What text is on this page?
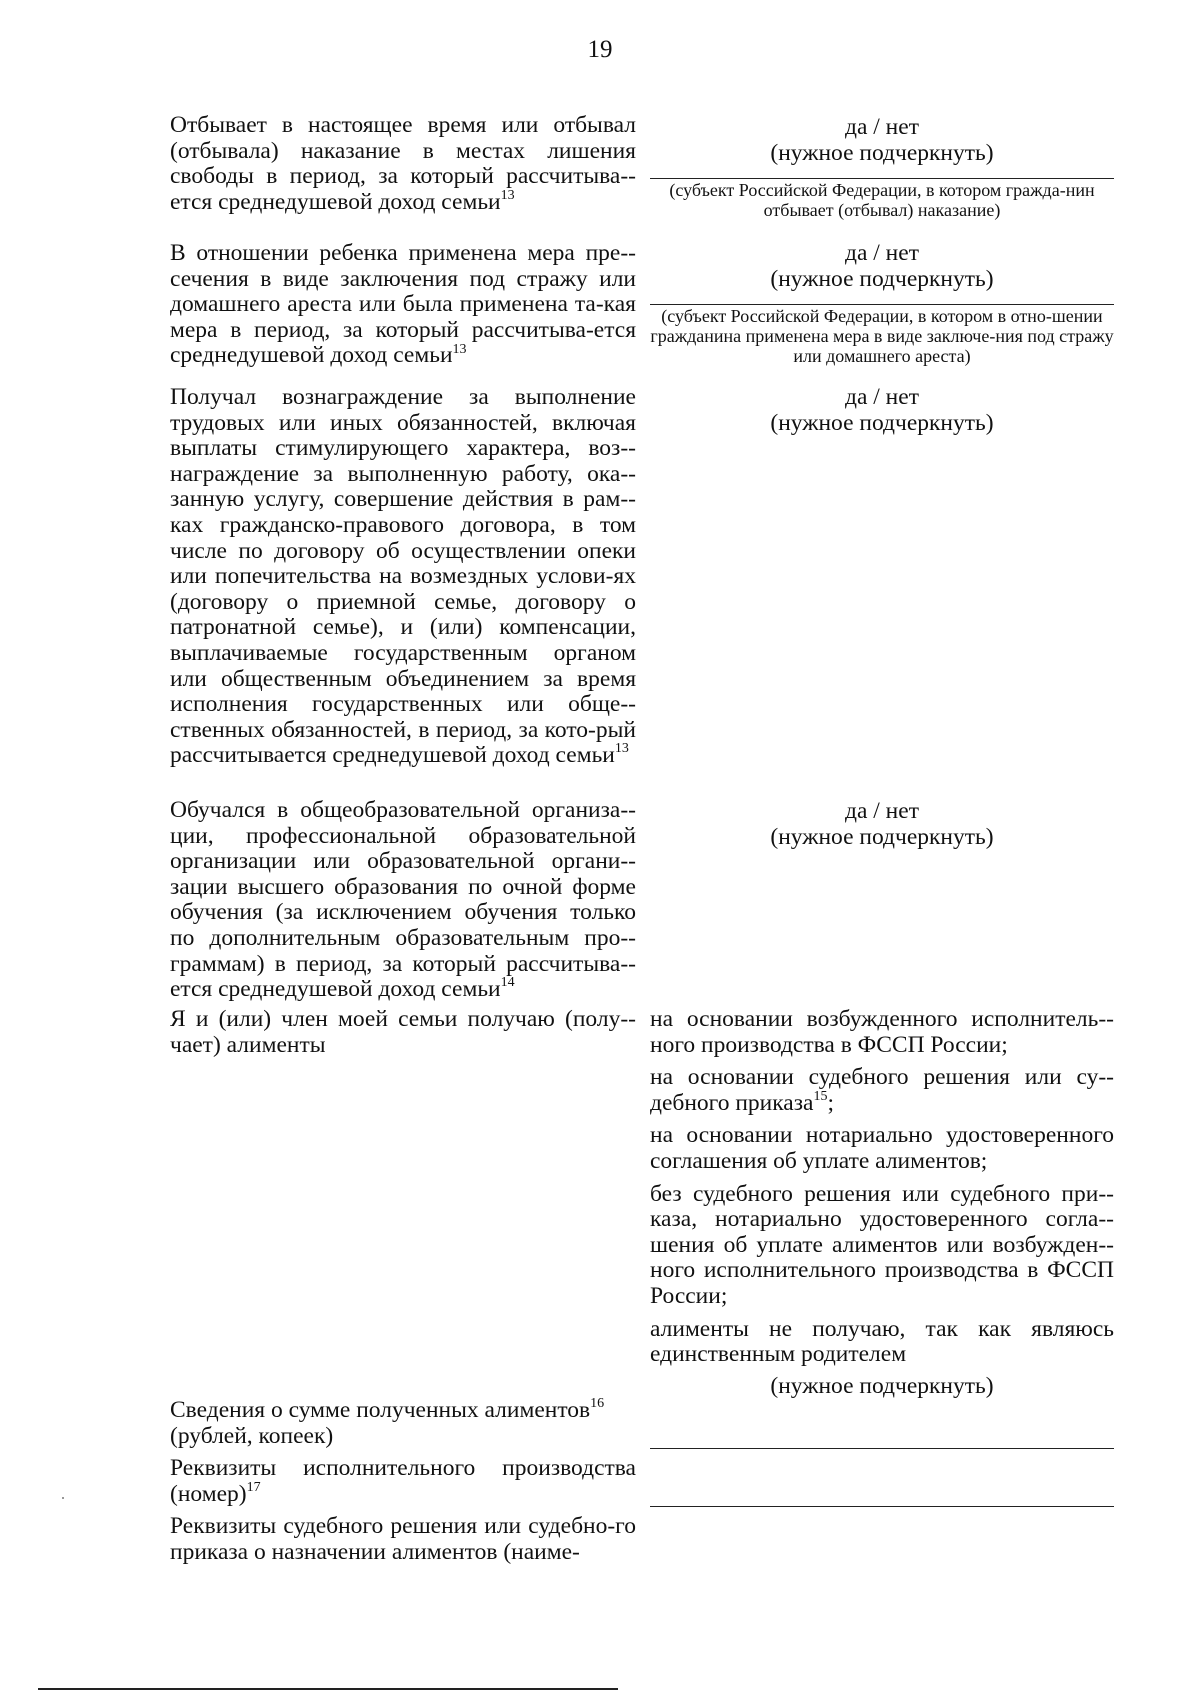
19
Отбывает в настоящее время или отбывал (отбывала) наказание в местах лишения свободы в период, за который рассчитыва-ется среднедушевой доход семьи$^{13}$
да / нет
(нужное подчеркнуть)
(субъект Российской Федерации, в котором гражда-нин отбывает (отбывал) наказание)
В отношении ребенка применена мера пре-сечения в виде заключения под стражу или домашнего ареста или была применена та-кая мера в период, за который рассчитыва-ется среднедушевой доход семьи$^{13}$
да / нет
(нужное подчеркнуть)
(субъект Российской Федерации, в котором в отно-шении гражданина применена мера в виде заключе-ния под стражу или домашнего ареста)
Получал вознаграждение за выполнение трудовых или иных обязанностей, включая выплаты стимулирующего характера, воз-награждение за выполненную работу, ока-занную услугу, совершение действия в рам-ках гражданско-правового договора, в том числе по договору об осуществлении опеки или попечительства на возмездных услови-ях (договору о приемной семье, договору о патронатной семье), и (или) компенсации, выплачиваемые государственным органом или общественным объединением за время исполнения государственных или обще-ственных обязанностей, в период, за кото-рый рассчитывается среднедушевой доход семьи$^{13}$
да / нет
(нужное подчеркнуть)
Обучался в общеобразовательной организа-ции, профессиональной образовательной организации или образовательной органи-зации высшего образования по очной форме обучения (за исключением обучения только по дополнительным образовательным про-граммам) в период, за который рассчитыва-ется среднедушевой доход семьи$^{14}$
да / нет
(нужное подчеркнуть)
Я и (или) член моей семьи получаю (полу-чает) алименты

на основании возбужденного исполнитель-ного производства в ФССП России;

на основании судебного решения или су-дебного приказа$^{15}$;

на основании нотариально удостоверенного соглашения об уплате алиментов;

без судебного решения или судебного при-каза, нотариально удостоверенного согла-шения об уплате алиментов или возбужден-ного исполнительного производства в ФССП России;

алименты не получаю, так как являюсь единственным родителем

(нужное подчеркнуть)
Сведения о сумме полученных алиментов$^{16}$
(рублей, копеек)
Реквизиты исполнительного производства (номер)$^{17}$
Реквизиты судебного решения или судебно-го приказа о назначении алиментов (наиме-
